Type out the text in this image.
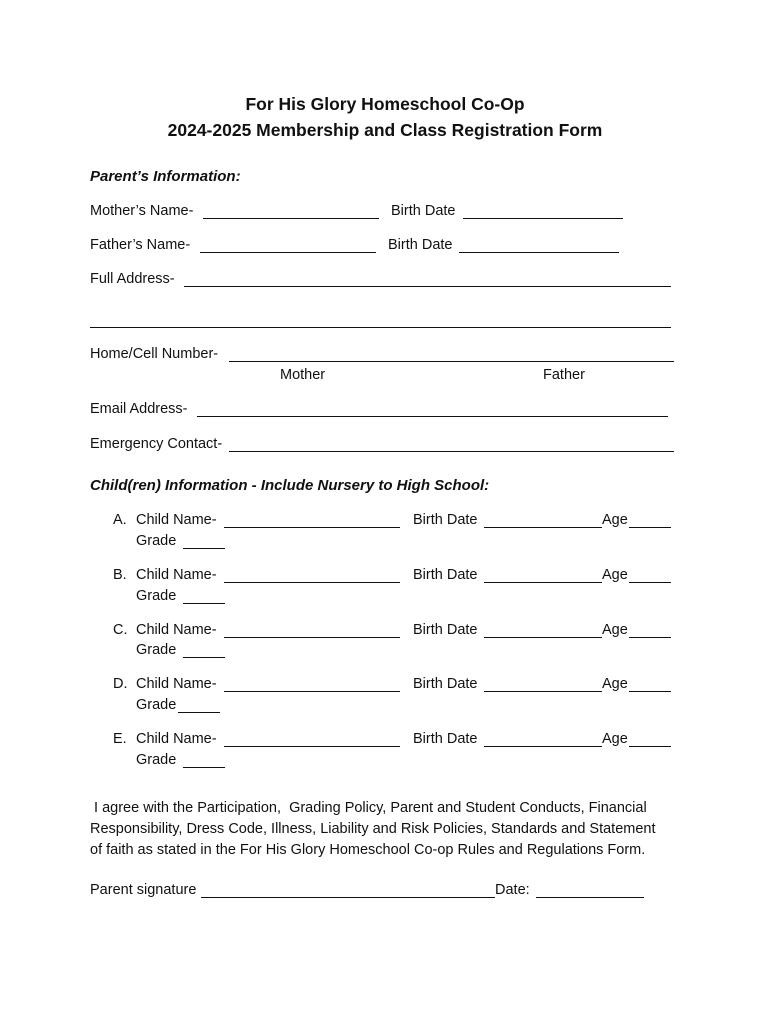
For His Glory Homeschool Co-Op
2024-2025 Membership and Class Registration Form
Parent’s Information:
Mother’s Name-	Birth Date
Father’s Name-	Birth Date
Full Address-
Home/Cell Number-
Mother	Father
Email Address-
Emergency Contact-
Child(ren) Information - Include Nursery to High School:
A. Child Name-	Birth Date	Age
Grade
B. Child Name-	Birth Date	Age
Grade
C. Child Name-	Birth Date	Age
Grade
D. Child Name-	Birth Date	Age
Grade
E. Child Name-	Birth Date	Age
Grade
I agree with the Participation,  Grading Policy, Parent and Student Conducts, Financial
Responsibility, Dress Code, Illness, Liability and Risk Policies, Standards and Statement
of faith as stated in the For His Glory Homeschool Co-op Rules and Regulations Form.
Parent signature	Date:
